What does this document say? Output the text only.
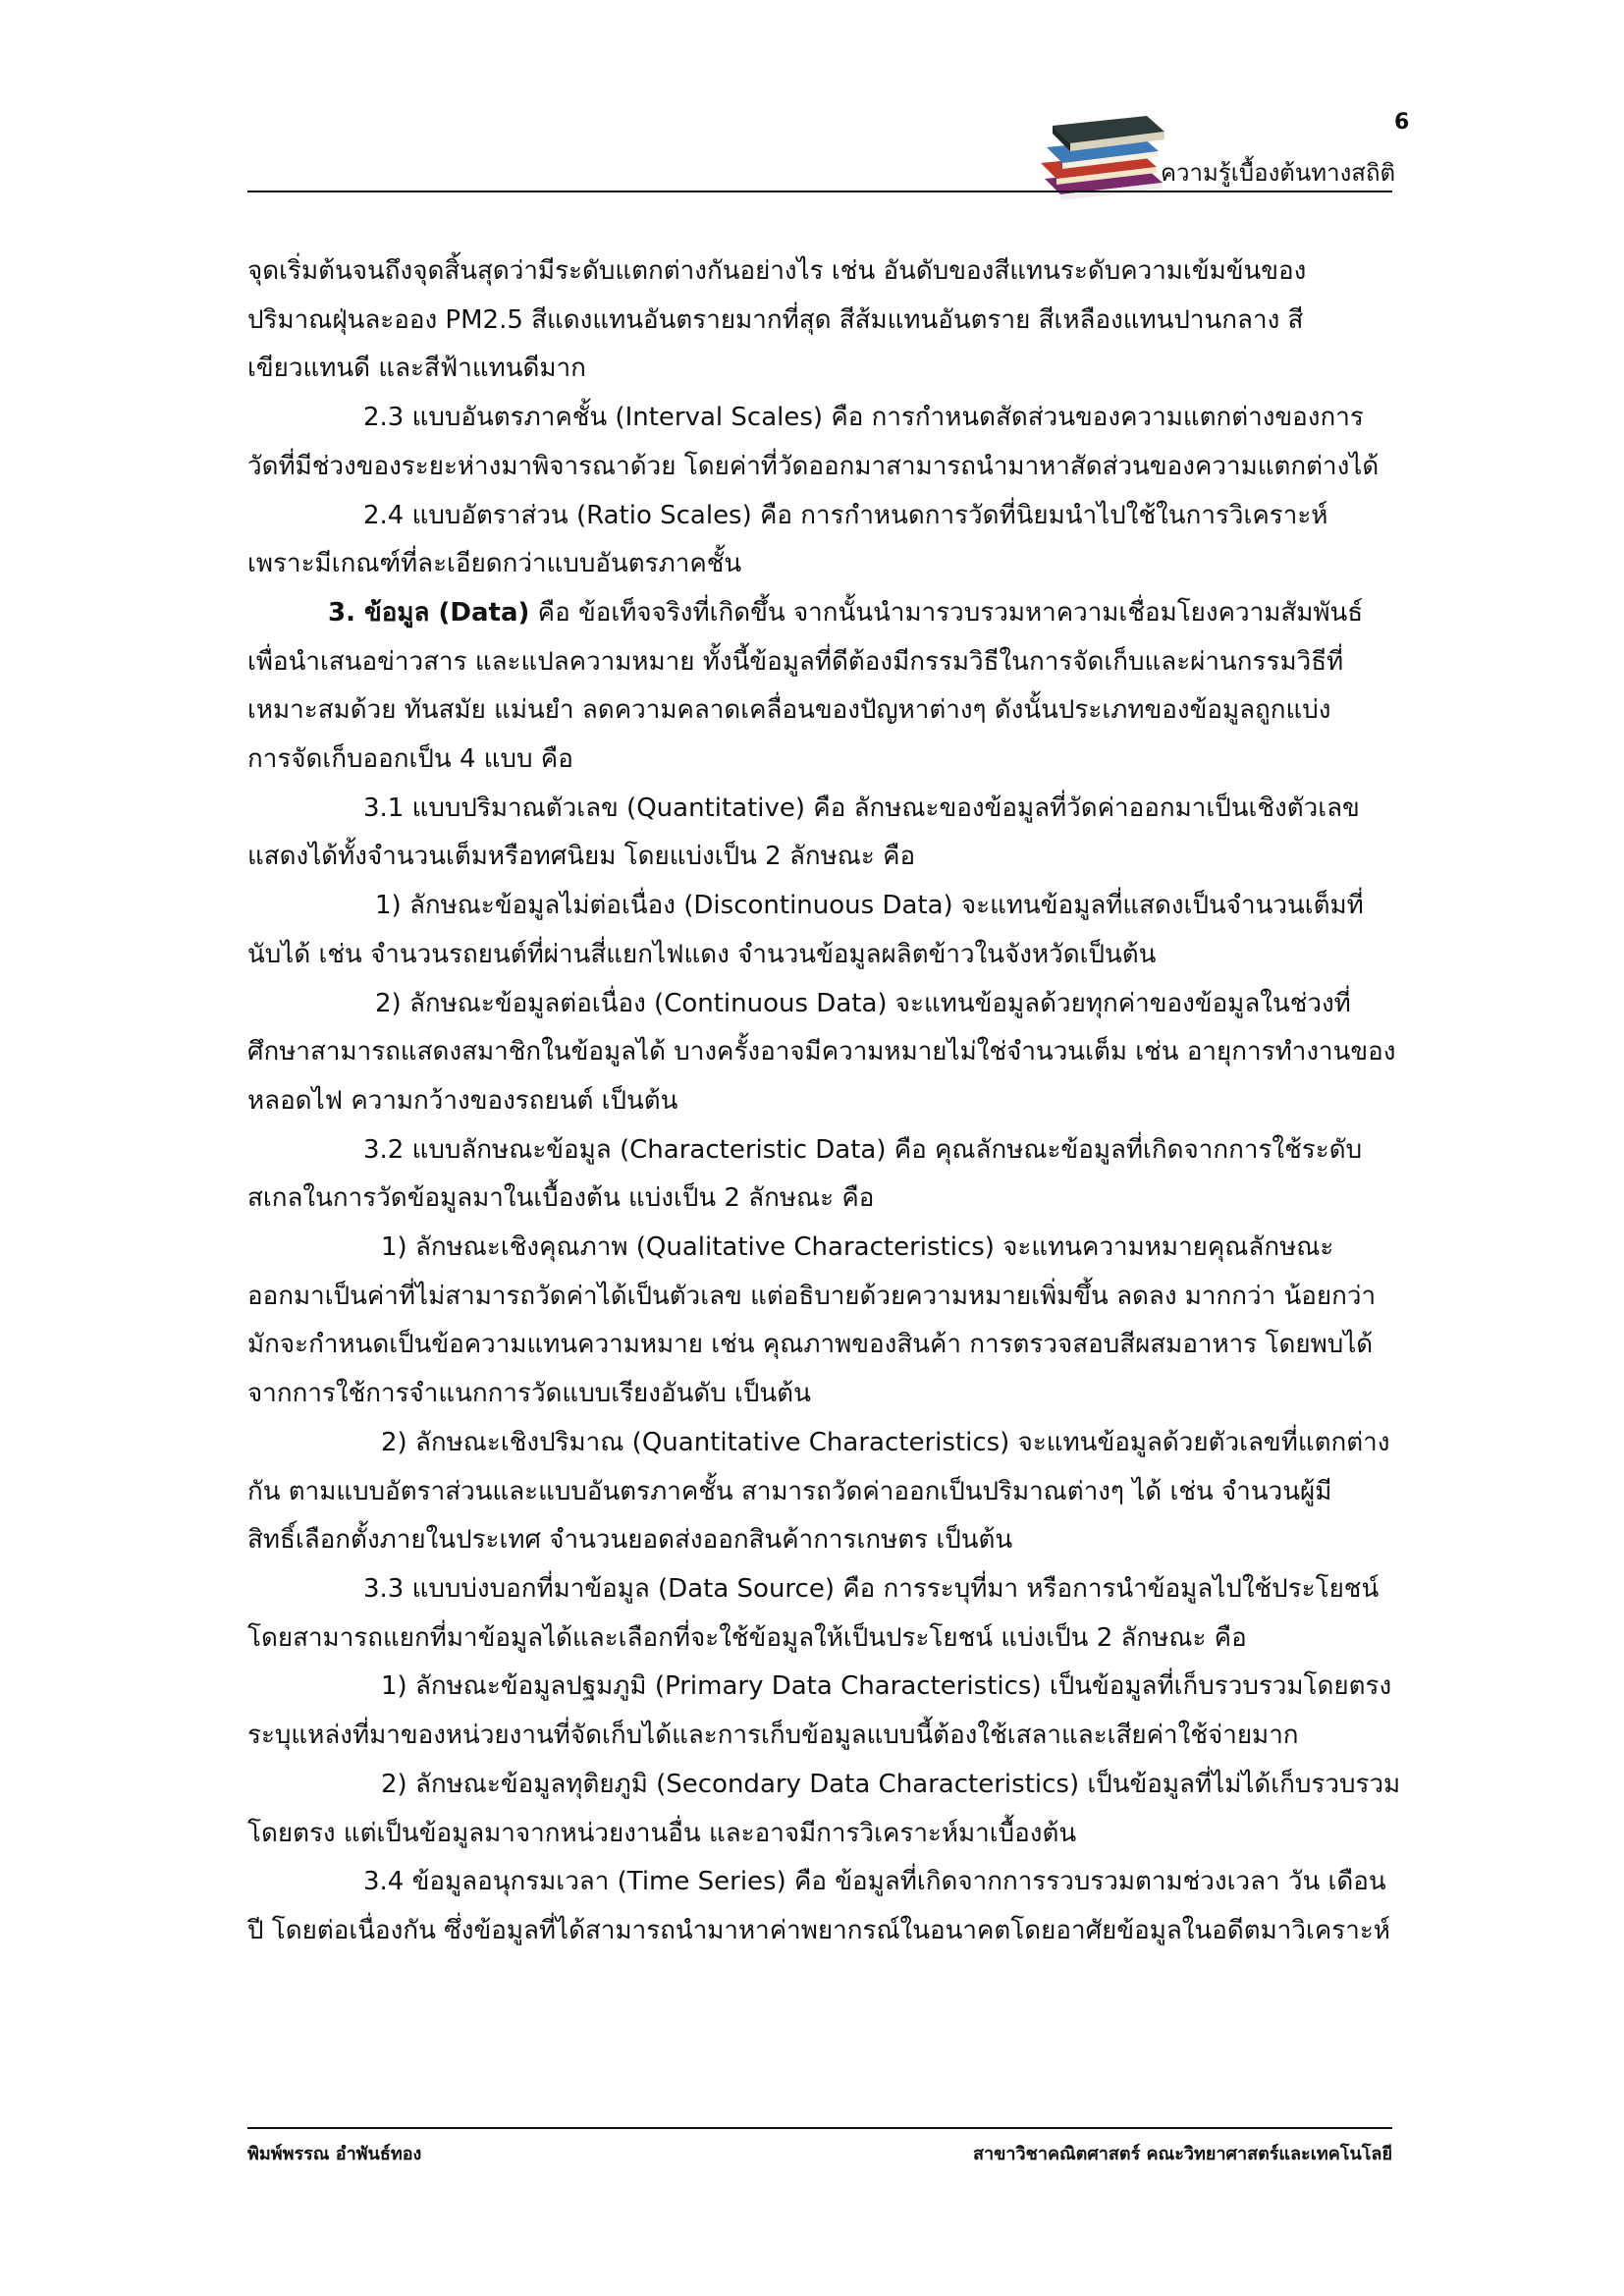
6
ความรู้เบื้องต้นทางสถิติ

จุดเริ่มต้นจนถึงจุดสิ้นสุดว่ามีระดับแตกต่างกันอย่างไร เช่น อันดับของสีแทนระดับความเข้มข้นของ
ปริมาณฝุ่นละออง PM2.5 สีแดงแทนอันตรายมากที่สุด สีส้มแทนอันตราย สีเหลืองแทนปานกลาง สี
เขียวแทนดี และสีฟ้าแทนดีมาก

2.3 แบบอันตรภาคชั้น (Interval Scales) คือ การกำหนดสัดส่วนของความแตกต่างของการ
วัดที่มีช่วงของระยะห่างมาพิจารณาด้วย โดยค่าที่วัดออกมาสามารถนำมาหาสัดส่วนของความแตกต่างได้

2.4 แบบอัตราส่วน (Ratio Scales) คือ การกำหนดการวัดที่นิยมนำไปใช้ในการวิเคราะห์
เพราะมีเกณฑ์ที่ละเอียดกว่าแบบอันตรภาคชั้น

3. ข้อมูล (Data) คือ ข้อเท็จจริงที่เกิดขึ้น จากนั้นนำมารวบรวมหาความเชื่อมโยงความสัมพันธ์
เพื่อนำเสนอข่าวสาร และแปลความหมาย ทั้งนี้ข้อมูลที่ดีต้องมีกรรมวิธีในการจัดเก็บและผ่านกรรมวิธีที่
เหมาะสมด้วย ทันสมัย แม่นยำ ลดความคลาดเคลื่อนของปัญหาต่างๆ ดังนั้นประเภทของข้อมูลถูกแบ่ง
การจัดเก็บออกเป็น 4 แบบ คือ

3.1 แบบปริมาณตัวเลข (Quantitative) คือ ลักษณะของข้อมูลที่วัดค่าออกมาเป็นเชิงตัวเลข
แสดงได้ทั้งจำนวนเต็มหรือทศนิยม โดยแบ่งเป็น 2 ลักษณะ คือ

1) ลักษณะข้อมูลไม่ต่อเนื่อง (Discontinuous Data) จะแทนข้อมูลที่แสดงเป็นจำนวนเต็มที่
นับได้ เช่น จำนวนรถยนต์ที่ผ่านสี่แยกไฟแดง จำนวนข้อมูลผลิตข้าวในจังหวัดเป็นต้น

2) ลักษณะข้อมูลต่อเนื่อง (Continuous Data) จะแทนข้อมูลด้วยทุกค่าของข้อมูลในช่วงที่
ศึกษาสามารถแสดงสมาชิกในข้อมูลได้ บางครั้งอาจมีความหมายไม่ใช่จำนวนเต็ม เช่น อายุการทำงานของ
หลอดไฟ ความกว้างของรถยนต์ เป็นต้น

3.2 แบบลักษณะข้อมูล (Characteristic Data) คือ คุณลักษณะข้อมูลที่เกิดจากการใช้ระดับ
สเกลในการวัดข้อมูลมาในเบื้องต้น แบ่งเป็น 2 ลักษณะ คือ

1) ลักษณะเชิงคุณภาพ (Qualitative Characteristics) จะแทนความหมายคุณลักษณะ
ออกมาเป็นค่าที่ไม่สามารถวัดค่าได้เป็นตัวเลข แต่อธิบายด้วยความหมายเพิ่มขึ้น ลดลง มากกว่า น้อยกว่า
มักจะกำหนดเป็นข้อความแทนความหมาย เช่น คุณภาพของสินค้า การตรวจสอบสีผสมอาหาร โดยพบได้
จากการใช้การจำแนกการวัดแบบเรียงอันดับ เป็นต้น

2) ลักษณะเชิงปริมาณ (Quantitative Characteristics) จะแทนข้อมูลด้วยตัวเลขที่แตกต่าง
กัน ตามแบบอัตราส่วนและแบบอันตรภาคชั้น สามารถวัดค่าออกเป็นปริมาณต่างๆ ได้ เช่น จำนวนผู้มี
สิทธิ์เลือกตั้งภายในประเทศ จำนวนยอดส่งออกสินค้าการเกษตร เป็นต้น

3.3 แบบบ่งบอกที่มาข้อมูล (Data Source) คือ การระบุที่มา หรือการนำข้อมูลไปใช้ประโยชน์
โดยสามารถแยกที่มาข้อมูลได้และเลือกที่จะใช้ข้อมูลให้เป็นประโยชน์ แบ่งเป็น 2 ลักษณะ คือ

1) ลักษณะข้อมูลปฐมภูมิ (Primary Data Characteristics) เป็นข้อมูลที่เก็บรวบรวมโดยตรง
ระบุแหล่งที่มาของหน่วยงานที่จัดเก็บได้และการเก็บข้อมูลแบบนี้ต้องใช้เสลาและเสียค่าใช้จ่ายมาก

2) ลักษณะข้อมูลทุติยภูมิ (Secondary Data Characteristics) เป็นข้อมูลที่ไม่ได้เก็บรวบรวม
โดยตรง แต่เป็นข้อมูลมาจากหน่วยงานอื่น และอาจมีการวิเคราะห์มาเบื้องต้น

3.4 ข้อมูลอนุกรมเวลา (Time Series) คือ ข้อมูลที่เกิดจากการรวบรวมตามช่วงเวลา วัน เดือน
ปี โดยต่อเนื่องกัน ซึ่งข้อมูลที่ได้สามารถนำมาหาค่าพยากรณ์ในอนาคตโดยอาศัยข้อมูลในอดีตมาวิเคราะห์

พิมพ์พรรณ อำพันธ์ทอง	สาขาวิชาคณิตศาสตร์ คณะวิทยาศาสตร์และเทคโนโลยี
